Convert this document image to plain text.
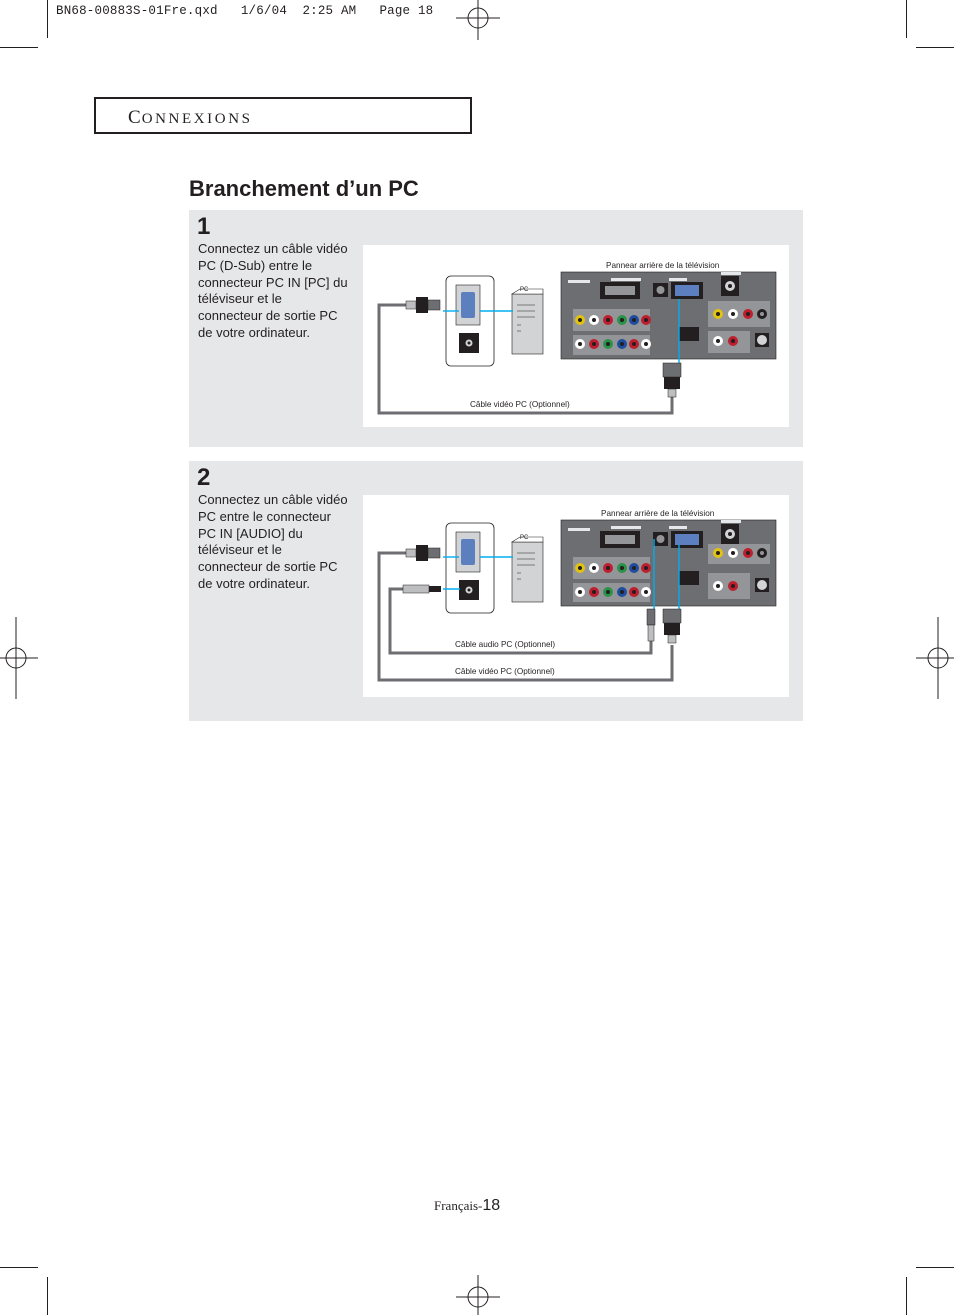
BN68-00883S-01Fre.qxd   1/6/04  2:25 AM   Page 18
CONNEXIONS
Branchement d’un PC
1
Connectez un câble vidéo PC (D-Sub) entre le connecteur PC IN [PC] du téléviseur et le connecteur de sortie PC de votre ordinateur.
Pannear arrière de la télévision
PC
Câble vidéo PC (Optionnel)
2
Connectez un câble vidéo PC entre le connecteur PC IN [AUDIO] du téléviseur et le connecteur de sortie PC de votre ordinateur.
Pannear arrière de la télévision
PC
Câble audio PC (Optionnel)
Câble vidéo PC (Optionnel)
Français-18
